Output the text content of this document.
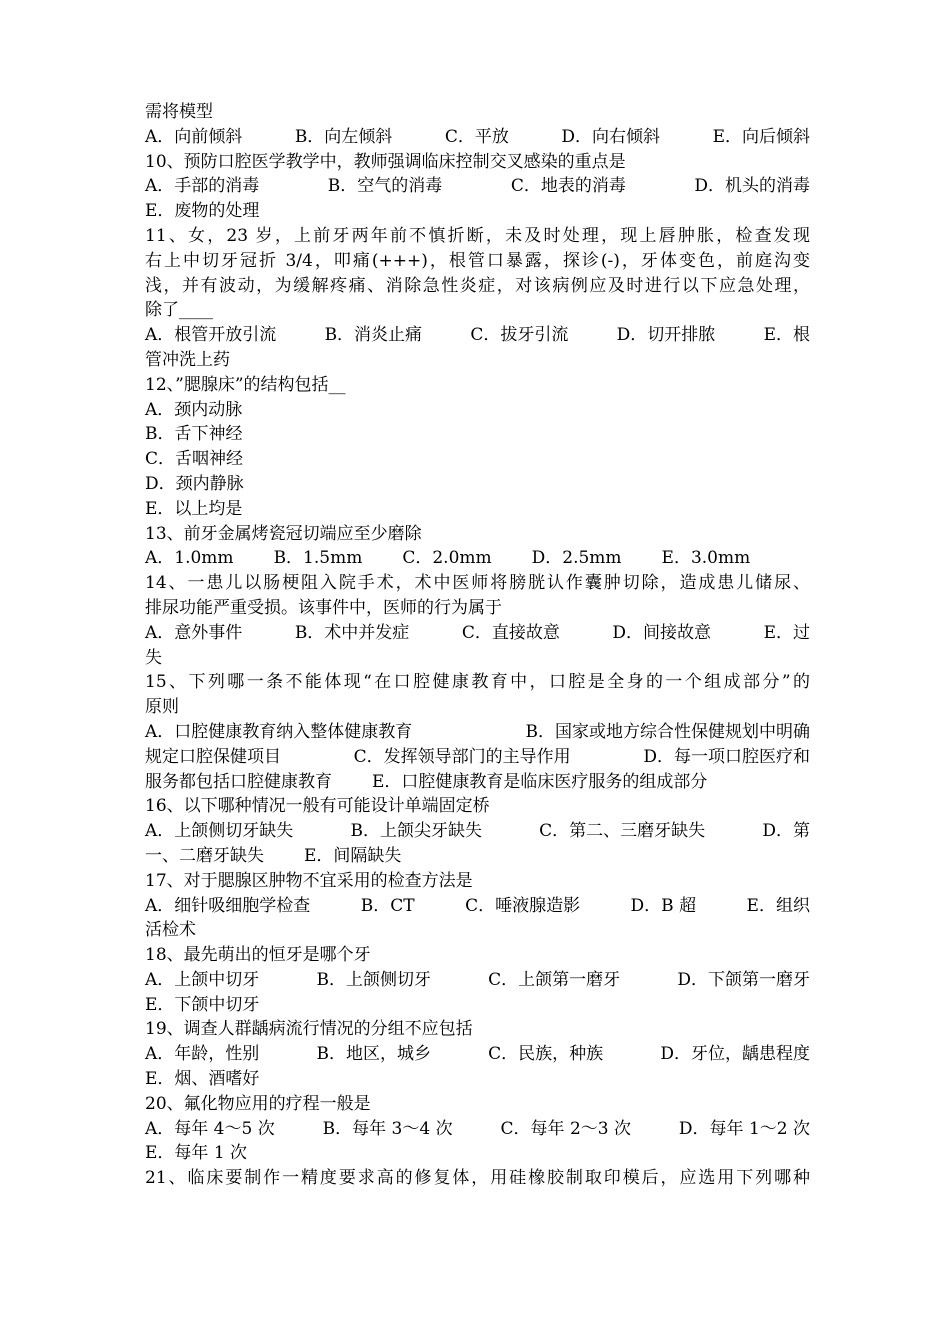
需将模型
A．向前倾斜	B．向左倾斜	C．平放	D．向右倾斜	E．向后倾斜
10、预防口腔医学教学中，教师强调临床控制交叉感染的重点是
A．手部的消毒	B．空气的消毒	C．地表的消毒	D．机头的消毒
E．废物的处理
11、女，23 岁，上前牙两年前不慎折断，未及时处理，现上唇肿胀，检查发现
右上中切牙冠折 3/4，叩痛(+++)，根管口暴露，探诊(-)，牙体变色，前庭沟变
浅，并有波动，为缓解疼痛、消除急性炎症，对该病例应及时进行以下应急处理，
除了____
A．根管开放引流	B．消炎止痛	C．拔牙引流	D．切开排脓	E．根
管冲洗上药
12、”腮腺床”的结构包括__
A．颈内动脉
B．舌下神经
C．舌咽神经
D．颈内静脉
E．以上均是
13、前牙金属烤瓷冠切端应至少磨除
A．1.0mm B．1.5mm C．2.0mm D．2.5mm E．3.0mm
14、一患儿以肠梗阻入院手术，术中医师将膀胱认作囊肿切除，造成患儿储尿、
排尿功能严重受损。该事件中，医师的行为属于
A．意外事件	B．术中并发症	C．直接故意	D．间接故意	E．过
失
15、下列哪一条不能体现“在口腔健康教育中，口腔是全身的一个组成部分”的
原则
A．口腔健康教育纳入整体健康教育	B．国家或地方综合性保健规划中明确
规定口腔保健项目	C．发挥领导部门的主导作用	D．每一项口腔医疗和
服务都包括口腔健康教育 E．口腔健康教育是临床医疗服务的组成部分
16、以下哪种情况一般有可能设计单端固定桥
A．上颌侧切牙缺失	B．上颌尖牙缺失	C．第二、三磨牙缺失	D．第
一、二磨牙缺失 E．间隔缺失
17、对于腮腺区肿物不宜采用的检查方法是
A．细针吸细胞学检查	B．CT	C．唾液腺造影	D．B 超	E．组织
活检术
18、最先萌出的恒牙是哪个牙
A．上颌中切牙	B．上颌侧切牙	C．上颌第一磨牙	D．下颌第一磨牙
E．下颌中切牙
19、调查人群龋病流行情况的分组不应包括
A．年龄，性别	B．地区，城乡	C．民族，种族	D．牙位，龋患程度
E．烟、酒嗜好
20、氟化物应用的疗程一般是
A．每年 4～5 次	B．每年 3～4 次	C．每年 2～3 次	D．每年 1～2 次
E．每年 1 次
21、临床要制作一精度要求高的修复体，用硅橡胶制取印模后，应选用下列哪种
